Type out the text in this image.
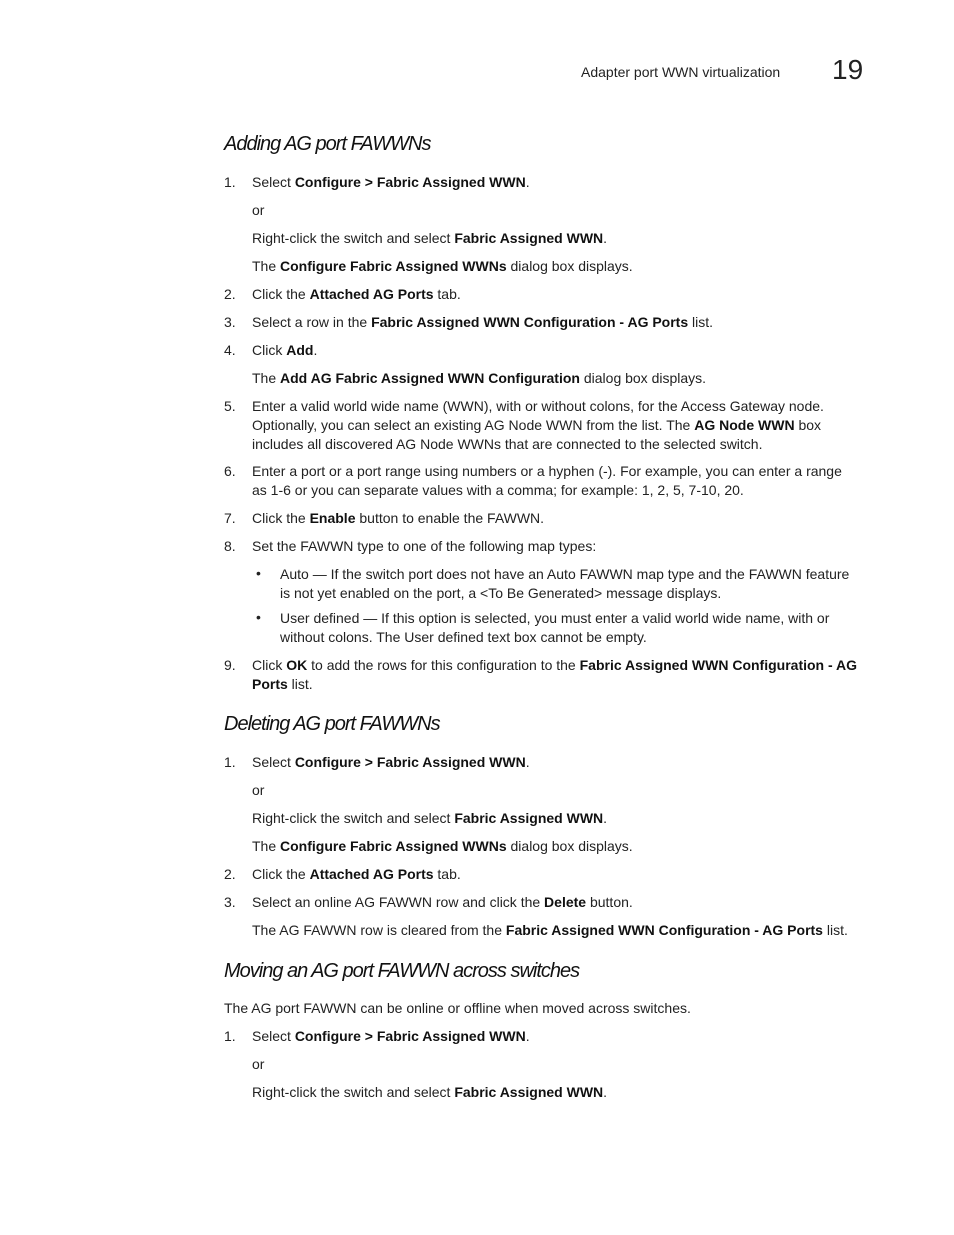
Adapter port WWN virtualization 19
Adding AG port FAWWNs
1. Select Configure > Fabric Assigned WWN.
or
Right-click the switch and select Fabric Assigned WWN.
The Configure Fabric Assigned WWNs dialog box displays.
2. Click the Attached AG Ports tab.
3. Select a row in the Fabric Assigned WWN Configuration - AG Ports list.
4. Click Add.
The Add AG Fabric Assigned WWN Configuration dialog box displays.
5. Enter a valid world wide name (WWN), with or without colons, for the Access Gateway node.
Optionally, you can select an existing AG Node WWN from the list. The AG Node WWN box
includes all discovered AG Node WWNs that are connected to the selected switch.
6. Enter a port or a port range using numbers or a hyphen (-). For example, you can enter a range
as 1-6 or you can separate values with a comma; for example: 1, 2, 5, 7-10, 20.
7. Click the Enable button to enable the FAWWN.
8. Set the FAWWN type to one of the following map types:
• Auto — If the switch port does not have an Auto FAWWN map type and the FAWWN feature
is not yet enabled on the port, a <To Be Generated> message displays.
• User defined — If this option is selected, you must enter a valid world wide name, with or
without colons. The User defined text box cannot be empty.
9. Click OK to add the rows for this configuration to the Fabric Assigned WWN Configuration - AG
Ports list.
Deleting AG port FAWWNs
1. Select Configure > Fabric Assigned WWN.
or
Right-click the switch and select Fabric Assigned WWN.
The Configure Fabric Assigned WWNs dialog box displays.
2. Click the Attached AG Ports tab.
3. Select an online AG FAWWN row and click the Delete button.
The AG FAWWN row is cleared from the Fabric Assigned WWN Configuration - AG Ports list.
Moving an AG port FAWWN across switches
The AG port FAWWN can be online or offline when moved across switches.
1. Select Configure > Fabric Assigned WWN.
or
Right-click the switch and select Fabric Assigned WWN.
